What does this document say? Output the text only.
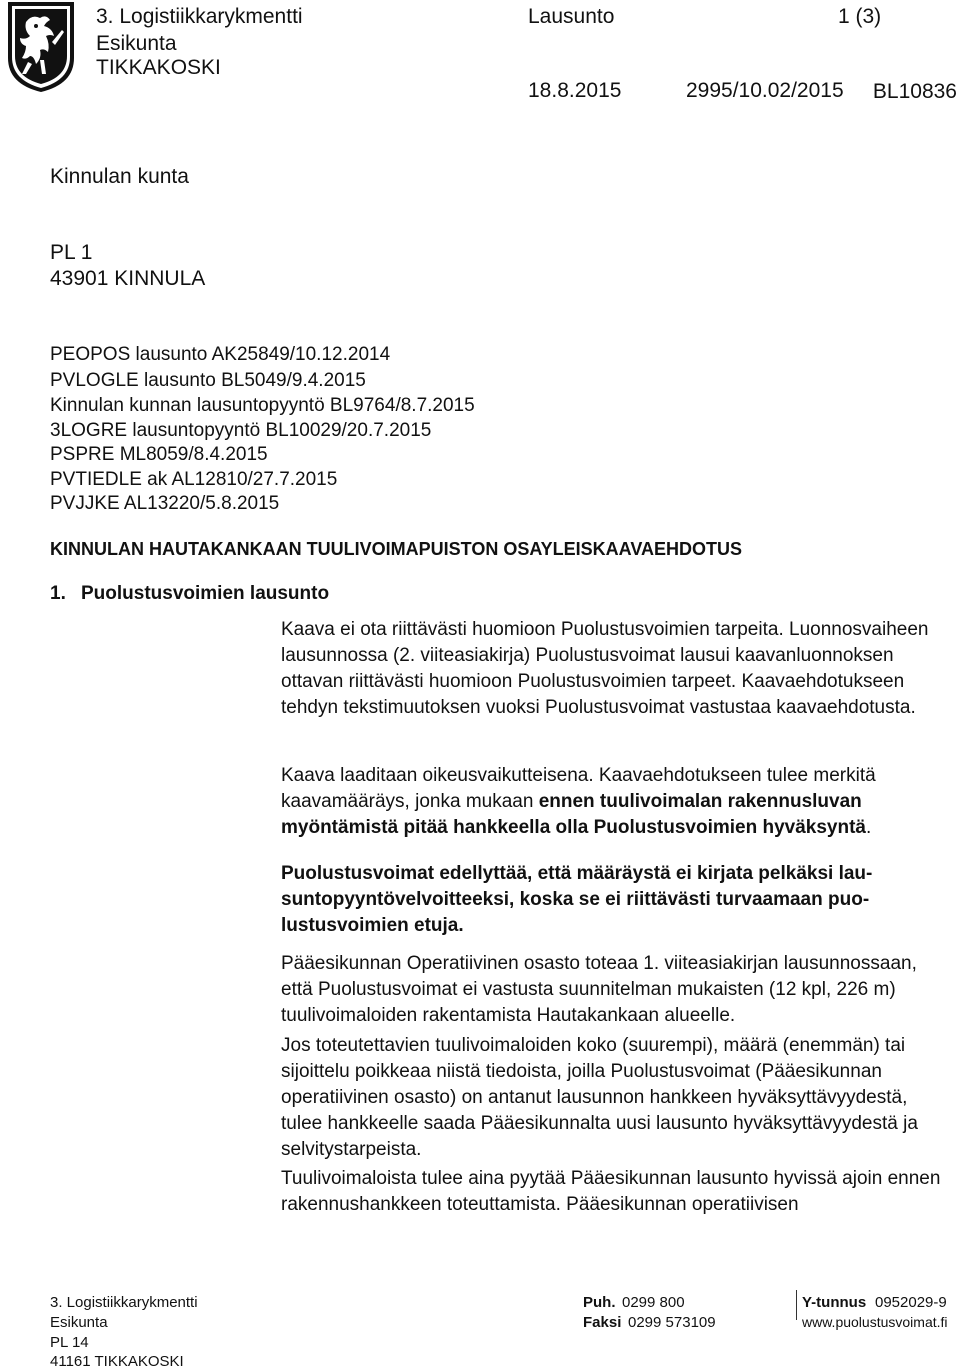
3. Logistiikkarykmentti
Esikunta
TIKKAKOSKI
Lausunto	1 (3)
BL10836
18.8.2015	2995/10.02/2015
Kinnulan kunta
PL 1
43901 KINNULA
PEOPOS lausunto AK25849/10.12.2014
PVLOGLE lausunto BL5049/9.4.2015
Kinnulan kunnan lausuntopyyntö BL9764/8.7.2015
3LOGRE lausuntopyyntö BL10029/20.7.2015
PSPRE ML8059/8.4.2015
PVTIEDLE ak AL12810/27.7.2015
PVJJKE AL13220/5.8.2015
KINNULAN HAUTAKANKAAN TUULIVOIMAPUISTON OSAYLEISKAAVAEHDOTUS
1. Puolustusvoimien lausunto

Kaava ei ota riittävästi huomioon Puolustusvoimien tarpeita. Luonnosvaiheen lausunnossa (2. viiteasiakirja) Puolustusvoimat lausui kaavanluonnoksen ottavan riittävästi huomioon Puolustusvoimien tarpeet. Kaavaehdotukseen tehdyn tekstimuutoksen vuoksi Puolustusvoimat vastustaa kaavaehdotusta.

Kaava laaditaan oikeusvaikutteisena. Kaavaehdotukseen tulee merkitä kaavamääräys, jonka mukaan ennen tuulivoimalan rakennusluvan myöntämistä pitää hankkeella olla Puolustusvoimien hyväksyntä.

Puolustusvoimat edellyttää, että määräystä ei kirjata pelkäksi lausuntopyyntövelvoitteeksi, koska se ei riittävästi turvaamaan puolustusvoimien etuja.

Pääesikunnan Operatiivinen osasto toteaa 1. viiteasiakirjan lausunnossaan, että Puolustusvoimat ei vastusta suunnitelman mukaisten (12 kpl, 226 m) tuulivoimaloiden rakentamista Hautakankaan alueelle.

Jos toteutettavien tuulivoimaloiden koko (suurempi), määrä (enemmän) tai sijoittelu poikkeaa niistä tiedoista, joilla Puolustusvoimat (Pääesikunnan operatiivinen osasto) on antanut lausunnon hankkeen hyväksyttävyydestä, tulee hankkeelle saada Pääesikunnalta uusi lausunto hyväksyttävyydestä ja selvitystarpeista.

Tuulivoimaloista tulee aina pyytää Pääesikunnan lausunto hyvissä ajoin ennen rakennushankkeen toteuttamista. Pääesikunnan operatiivisen

3. Logistiikkarykmentti
Esikunta
PL 14
41161 TIKKAKOSKI
Puh. 0299 800
Faksi 0299 573109
Y-tunnus 0952029-9
www.puolustusvoimat.fi
